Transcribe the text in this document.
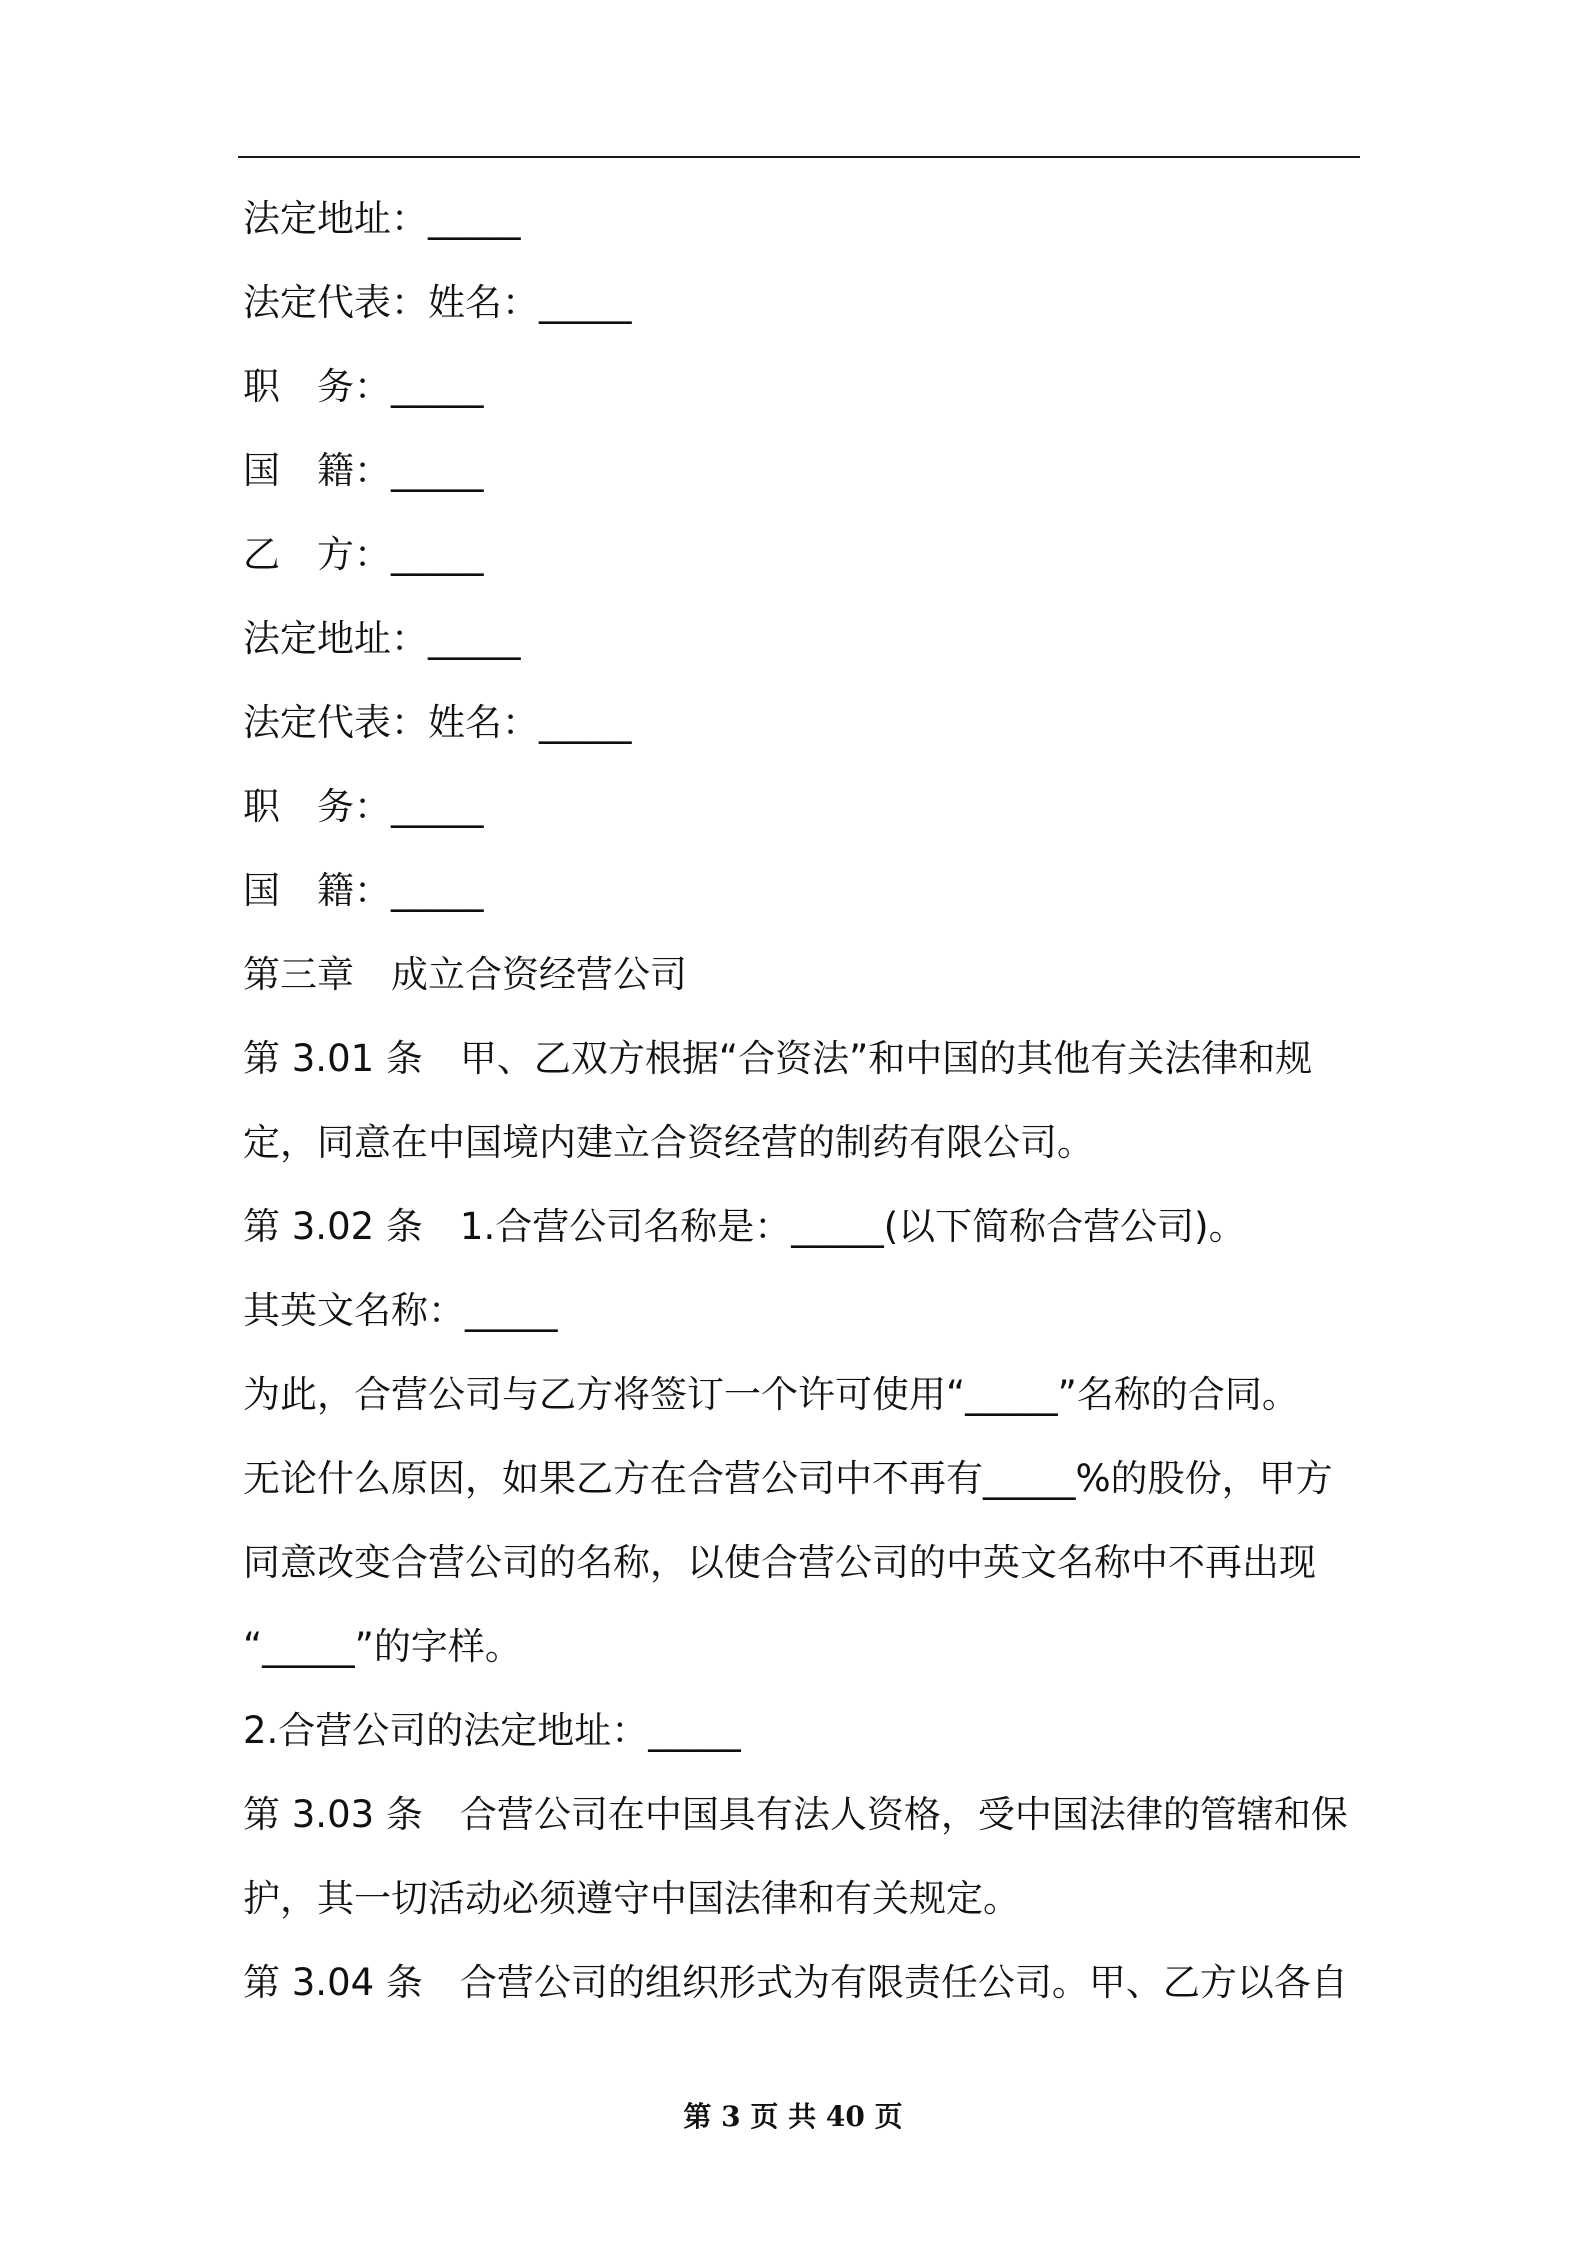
法定地址：_____
法定代表：姓名：_____
职　务：_____
国　籍：_____
乙　方：_____
法定地址：_____
法定代表：姓名：_____
职　务：_____
国　籍：_____
第三章　成立合资经营公司
第 3.01 条　甲、乙双方根据“合资法”和中国的其他有关法律和规
定，同意在中国境内建立合资经营的制药有限公司。
第 3.02 条　1.合营公司名称是：_____(以下简称合营公司)。
其英文名称：_____
为此，合营公司与乙方将签订一个许可使用“_____”名称的合同。
无论什么原因，如果乙方在合营公司中不再有_____%的股份，甲方
同意改变合营公司的名称，以使合营公司的中英文名称中不再出现
“_____”的字样。
2.合营公司的法定地址：_____
第 3.03 条　合营公司在中国具有法人资格，受中国法律的管辖和保
护，其一切活动必须遵守中国法律和有关规定。
第 3.04 条　合营公司的组织形式为有限责任公司。甲、乙方以各自
第 3 页 共 40 页
